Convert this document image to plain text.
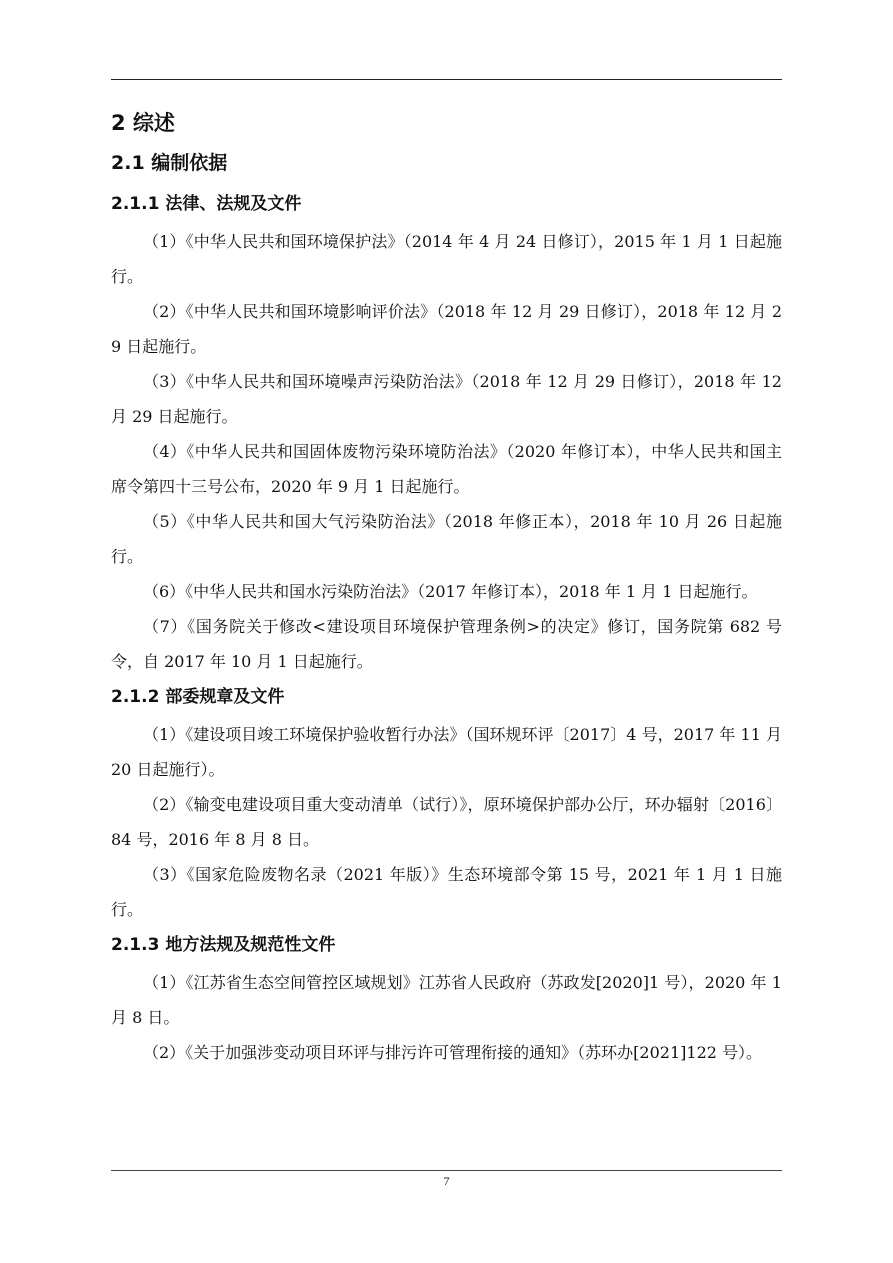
2 综述
2.1 编制依据
2.1.1 法律、法规及文件

（1）《中华人民共和国环境保护法》（2014 年 4 月 24 日修订），2015 年 1 月 1 日起施行。

（2）《中华人民共和国环境影响评价法》（2018 年 12 月 29 日修订），2018 年 12 月 29 日起施行。

（3）《中华人民共和国环境噪声污染防治法》（2018 年 12 月 29 日修订），2018 年 12 月 29 日起施行。

（4）《中华人民共和国固体废物污染环境防治法》（2020 年修订本），中华人民共和国主席令第四十三号公布，2020 年 9 月 1 日起施行。

（5）《中华人民共和国大气污染防治法》（2018 年修正本），2018 年 10 月 26 日起施行。

（6）《中华人民共和国水污染防治法》（2017 年修订本），2018 年 1 月 1 日起施行。

（7）《国务院关于修改<建设项目环境保护管理条例>的决定》修订，国务院第 682 号令，自 2017 年 10 月 1 日起施行。

2.1.2 部委规章及文件

（1）《建设项目竣工环境保护验收暂行办法》（国环规环评〔2017〕4 号，2017 年 11 月 20 日起施行）。

（2）《输变电建设项目重大变动清单（试行）》，原环境保护部办公厅，环办辐射〔2016〕84 号，2016 年 8 月 8 日。

（3）《国家危险废物名录（2021 年版）》生态环境部令第 15 号，2021 年 1 月 1 日施行。

2.1.3 地方法规及规范性文件

（1）《江苏省生态空间管控区域规划》江苏省人民政府（苏政发[2020]1 号），2020 年 1 月 8 日。

（2）《关于加强涉变动项目环评与排污许可管理衔接的通知》（苏环办[2021]122 号）。

7
